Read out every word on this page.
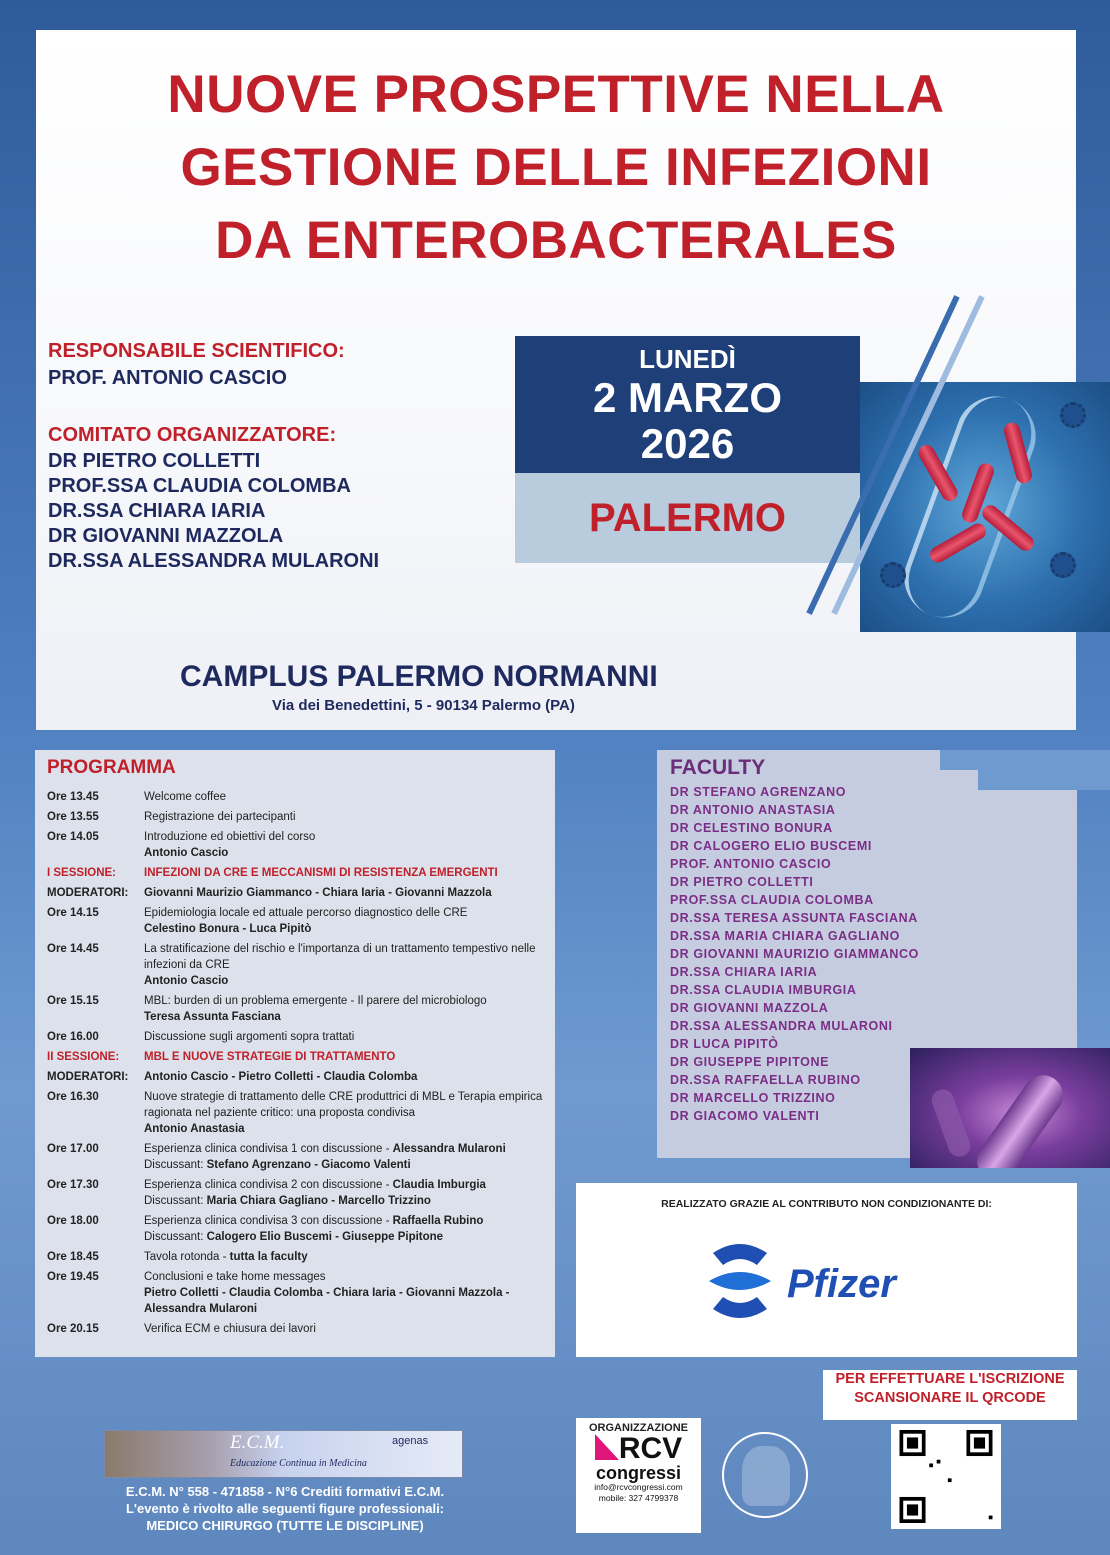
NUOVE PROSPETTIVE NELLA
GESTIONE DELLE INFEZIONI
DA ENTEROBACTERALES
RESPONSABILE SCIENTIFICO:
PROF. ANTONIO CASCIO
COMITATO ORGANIZZATORE:
DR PIETRO COLLETTI
PROF.SSA CLAUDIA COLOMBA
DR.SSA CHIARA IARIA
DR GIOVANNI MAZZOLA
DR.SSA ALESSANDRA MULARONI
LUNEDÌ
2 MARZO
2026
PALERMO
CAMPLUS PALERMO NORMANNI
Via dei Benedettini, 5 - 90134 Palermo (PA)
PROGRAMMA
Ore 13.45	Welcome coffee
Ore 13.55	Registrazione dei partecipanti
Ore 14.05	Introduzione ed obiettivi del corso
Antonio Cascio
I SESSIONE:	INFEZIONI DA CRE E MECCANISMI DI RESISTENZA EMERGENTI
MODERATORI:	Giovanni Maurizio Giammanco - Chiara Iaria - Giovanni Mazzola
Ore 14.15	Epidemiologia locale ed attuale percorso diagnostico delle CRE
Celestino Bonura - Luca Pipitò
Ore 14.45	La stratificazione del rischio e l'importanza di un trattamento tempestivo nelle infezioni da CRE
Antonio Cascio
Ore 15.15	MBL: burden di un problema emergente - Il parere del microbiologo
Teresa Assunta Fasciana
Ore 16.00	Discussione sugli argomenti sopra trattati
II SESSIONE:	MBL E NUOVE STRATEGIE DI TRATTAMENTO
MODERATORI:	Antonio Cascio - Pietro Colletti - Claudia Colomba
Ore 16.30	Nuove strategie di trattamento delle CRE produttrici di MBL e Terapia empirica ragionata nel paziente critico: una proposta condivisa
Antonio Anastasia
Ore 17.00	Esperienza clinica condivisa 1 con discussione - Alessandra Mularoni
Discussant: Stefano Agrenzano - Giacomo Valenti
Ore 17.30	Esperienza clinica condivisa 2 con discussione - Claudia Imburgia
Discussant: Maria Chiara Gagliano - Marcello Trizzino
Ore 18.00	Esperienza clinica condivisa 3 con discussione - Raffaella Rubino
Discussant: Calogero Elio Buscemi - Giuseppe Pipitone
Ore 18.45	Tavola rotonda - tutta la faculty
Ore 19.45	Conclusioni e take home messages
Pietro Colletti - Claudia Colomba - Chiara Iaria - Giovanni Mazzola - Alessandra Mularoni
Ore 20.15	Verifica ECM e chiusura dei lavori
FACULTY
DR STEFANO AGRENZANO
DR ANTONIO ANASTASIA
DR CELESTINO BONURA
DR CALOGERO ELIO BUSCEMI
PROF. ANTONIO CASCIO
DR PIETRO COLLETTI
PROF.SSA CLAUDIA COLOMBA
DR.SSA TERESA ASSUNTA FASCIANA
DR.SSA MARIA CHIARA GAGLIANO
DR GIOVANNI MAURIZIO GIAMMANCO
DR.SSA CHIARA IARIA
DR.SSA CLAUDIA IMBURGIA
DR GIOVANNI MAZZOLA
DR.SSA ALESSANDRA MULARONI
DR LUCA PIPITÒ
DR GIUSEPPE PIPITONE
DR.SSA RAFFAELLA RUBINO
DR MARCELLO TRIZZINO
DR GIACOMO VALENTI
REALIZZATO GRAZIE AL CONTRIBUTO NON CONDIZIONANTE DI:
Pfizer
PER EFFETTUARE L'ISCRIZIONE
SCANSIONARE IL QRCODE
E.C.M.
Educazione Continua in Medicina
agenas
E.C.M. N° 558 - 471858 - N°6 Crediti formativi E.C.M.
L'evento è rivolto alle seguenti figure professionali:
MEDICO CHIRURGO (TUTTE LE DISCIPLINE)
ORGANIZZAZIONE
RCV
congressi
info@rcvcongressi.com
mobile: 327 4799378
